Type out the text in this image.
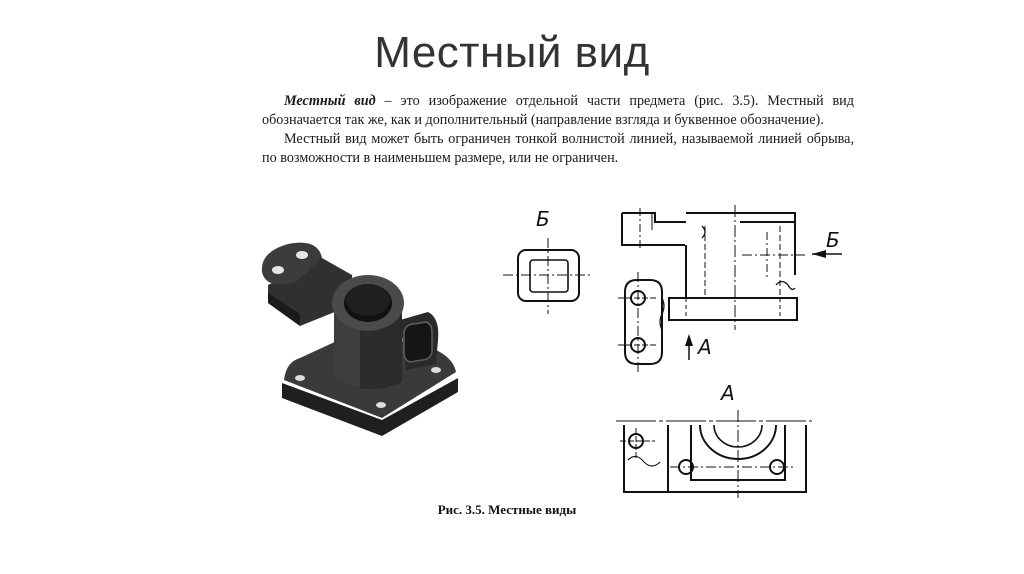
Местный вид

Местный вид – это изображение отдельной части предмета (рис. 3.5). Местный вид обозначается так же, как и дополнительный (направление взгляда и буквенное обозначение).

Местный вид может быть ограничен тонкой волнистой линией, называемой линией обрыва, по возможности в наименьшем размере, или не ограничен.

Б
Б
А
А
Рис. 3.5. Местные виды
